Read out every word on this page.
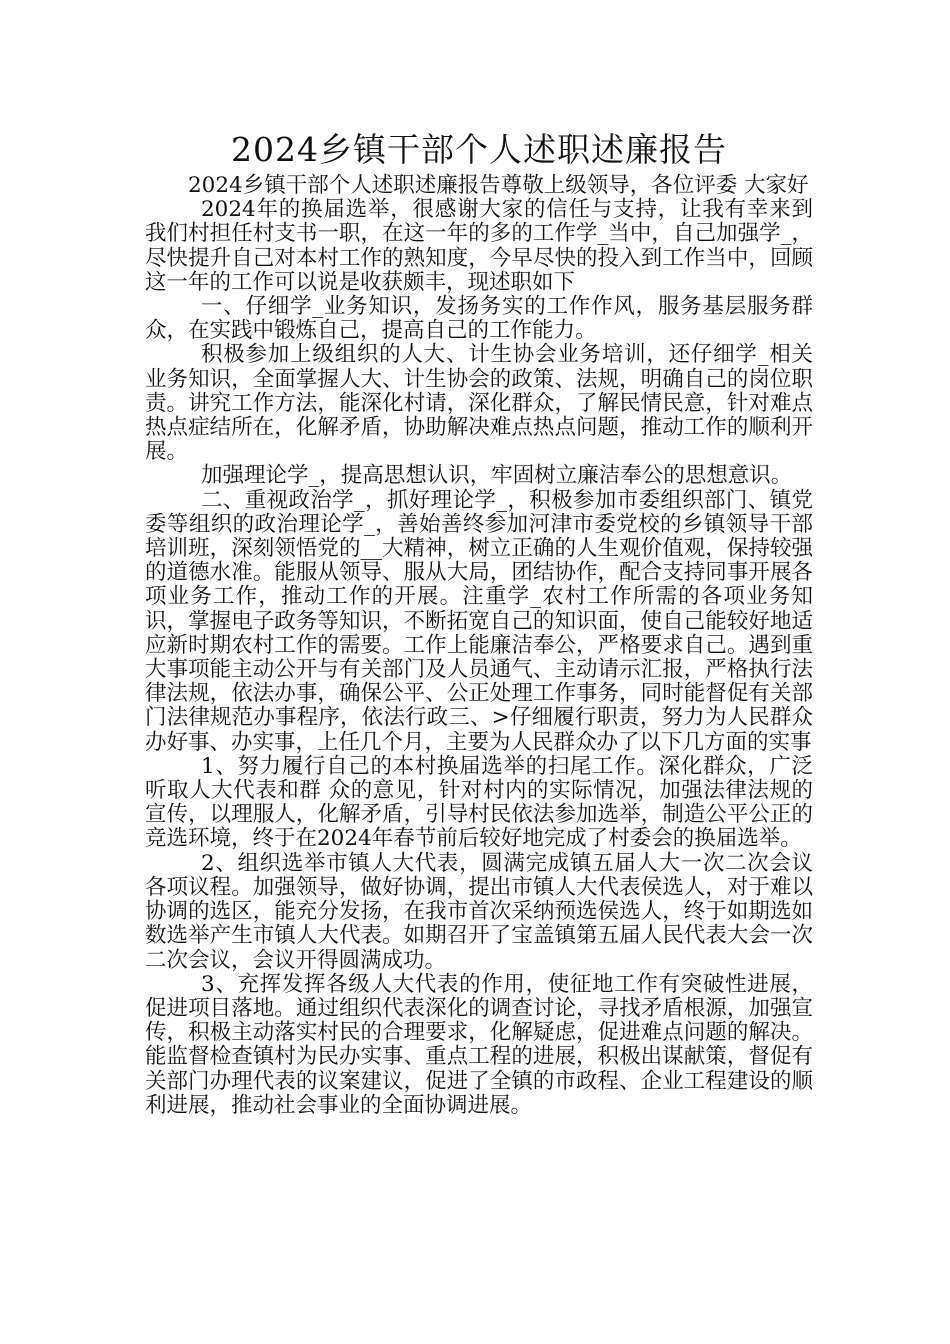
2024乡镇干部个人述职述廉报告

2024乡镇干部个人述职述廉报告尊敬上级领导，各位评委 大家好

2024年的换届选举，很感谢大家的信任与支持，让我有幸来到我们村担任村支书一职，在这一年的多的工作学_当中，自己加强学_，尽快提升自己对本村工作的熟知度，今早尽快的投入到工作当中，回顾这一年的工作可以说是收获颇丰，现述职如下

一、仔细学_业务知识，发扬务实的工作作风，服务基层服务群众，在实践中锻炼自己，提高自己的工作能力。

积极参加上级组织的人大、计生协会业务培训，还仔细学_相关业务知识，全面掌握人大、计生协会的政策、法规，明确自己的岗位职责。讲究工作方法，能深化村请，深化群众，了解民情民意，针对难点热点症结所在，化解矛盾，协助解决难点热点问题，推动工作的顺利开展。

加强理论学_，提高思想认识，牢固树立廉洁奉公的思想意识。

二、重视政治学_，抓好理论学_，积极参加市委组织部门、镇党委等组织的政治理论学_，善始善终参加河津市委党校的乡镇领导干部培训班，深刻领悟党的__大精神，树立正确的人生观价值观，保持较强的道德水准。能服从领导、服从大局，团结协作，配合支持同事开展各项业务工作，推动工作的开展。注重学_农村工作所需的各项业务知识，掌握电子政务等知识，不断拓宽自己的知识面，使自己能较好地适应新时期农村工作的需要。工作上能廉洁奉公，严格要求自己。遇到重大事项能主动公开与有关部门及人员通气、主动请示汇报，严格执行法律法规，依法办事，确保公平、公正处理工作事务，同时能督促有关部门法律规范办事程序，依法行政三、>仔细履行职责，努力为人民群众办好事、办实事，上任几个月，主要为人民群众办了以下几方面的实事

1、努力履行自己的本村换届选举的扫尾工作。深化群众，广泛听取人大代表和群 众的意见，针对村内的实际情况，加强法律法规的宣传，以理服人，化解矛盾，引导村民依法参加选举，制造公平公正的竞选环境，终于在2024年春节前后较好地完成了村委会的换届选举。

2、组织选举市镇人大代表，圆满完成镇五届人大一次二次会议各项议程。加强领导，做好协调，提出市镇人大代表侯选人，对于难以协调的选区，能充分发扬，在我市首次采纳预选侯选人，终于如期选如数选举产生市镇人大代表。如期召开了宝盖镇第五届人民代表大会一次二次会议，会议开得圆满成功。

3、充挥发挥各级人大代表的作用，使征地工作有突破性进展，促进项目落地。通过组织代表深化的调查讨论，寻找矛盾根源，加强宣传，积极主动落实村民的合理要求，化解疑虑，促进难点问题的解决。能监督检查镇村为民办实事、重点工程的进展，积极出谋献策，督促有关部门办理代表的议案建议，促进了全镇的市政程、企业工程建设的顺利进展，推动社会事业的全面协调进展。
